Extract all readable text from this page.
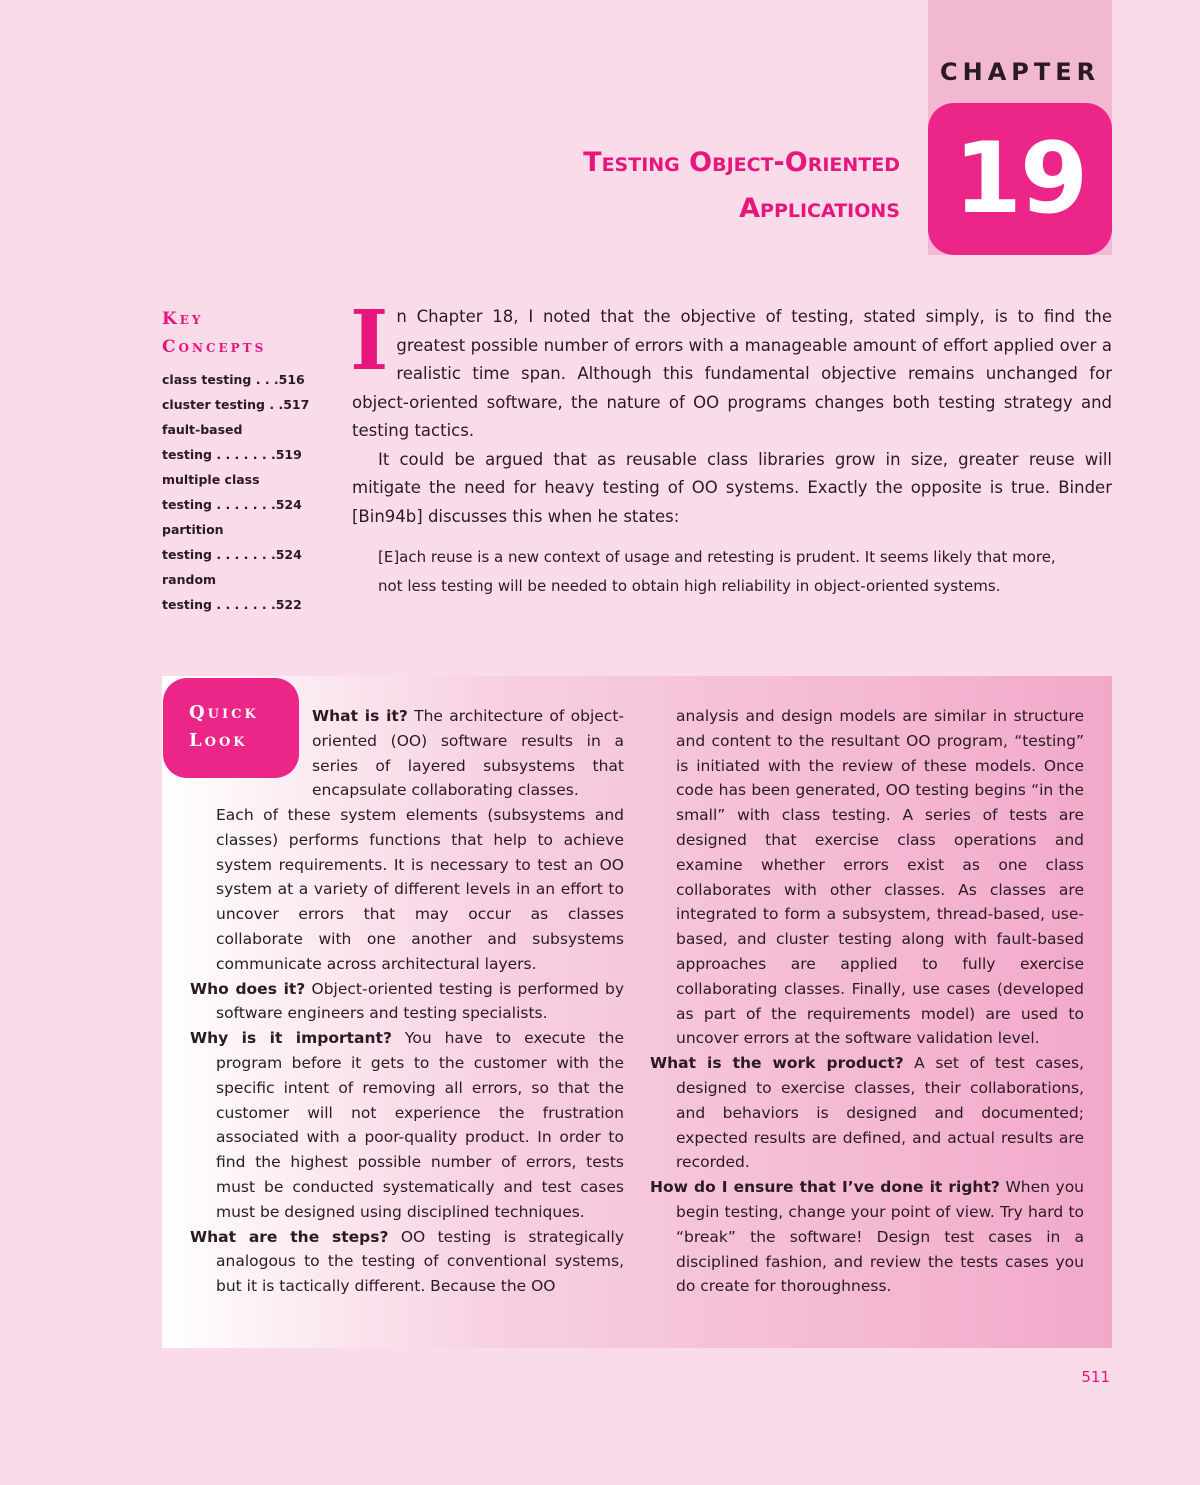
CHAPTER
19
Testing Object-Oriented
Applications
Key
Concepts
class testing . . .516
cluster testing . .517
fault-based
testing . . . . . . .519
multiple class
testing . . . . . . .524
partition
testing . . . . . . .524
random
testing . . . . . . .522

I n Chapter 18, I noted that the objective of testing, stated simply, is to find the greatest possible number of errors with a manageable amount of effort applied over a realistic time span. Although this fundamental objective remains unchanged for object-oriented software, the nature of OO programs changes both testing strategy and testing tactics.

It could be argued that as reusable class libraries grow in size, greater reuse will mitigate the need for heavy testing of OO systems. Exactly the opposite is true. Binder [Bin94b] discusses this when he states:

[E]ach reuse is a new context of usage and retesting is prudent. It seems likely that more, not less testing will be needed to obtain high reliability in object-oriented systems.
Quick
Look

What is it? The architecture of object-oriented (OO) software results in a series of layered subsystems that encapsulate collaborating classes.

Each of these system elements (subsystems and classes) performs functions that help to achieve system requirements. It is necessary to test an OO system at a variety of different levels in an effort to uncover errors that may occur as classes collaborate with one another and subsystems communicate across architectural layers.

Who does it? Object-oriented testing is performed by software engineers and testing specialists.

Why is it important? You have to execute the program before it gets to the customer with the specific intent of removing all errors, so that the customer will not experience the frustration associated with a poor-quality product. In order to find the highest possible number of errors, tests must be conducted systematically and test cases must be designed using disciplined techniques.

What are the steps? OO testing is strategically analogous to the testing of conventional systems, but it is tactically different. Because the OO

analysis and design models are similar in structure and content to the resultant OO program, “testing” is initiated with the review of these models. Once code has been generated, OO testing begins “in the small” with class testing. A series of tests are designed that exercise class operations and examine whether errors exist as one class collaborates with other classes. As classes are integrated to form a subsystem, thread-based, use-based, and cluster testing along with fault-based approaches are applied to fully exercise collaborating classes. Finally, use cases (developed as part of the requirements model) are used to uncover errors at the software validation level.

What is the work product? A set of test cases, designed to exercise classes, their collaborations, and behaviors is designed and documented; expected results are defined, and actual results are recorded.

How do I ensure that I’ve done it right? When you begin testing, change your point of view. Try hard to “break” the software! Design test cases in a disciplined fashion, and review the tests cases you do create for thoroughness.

511
